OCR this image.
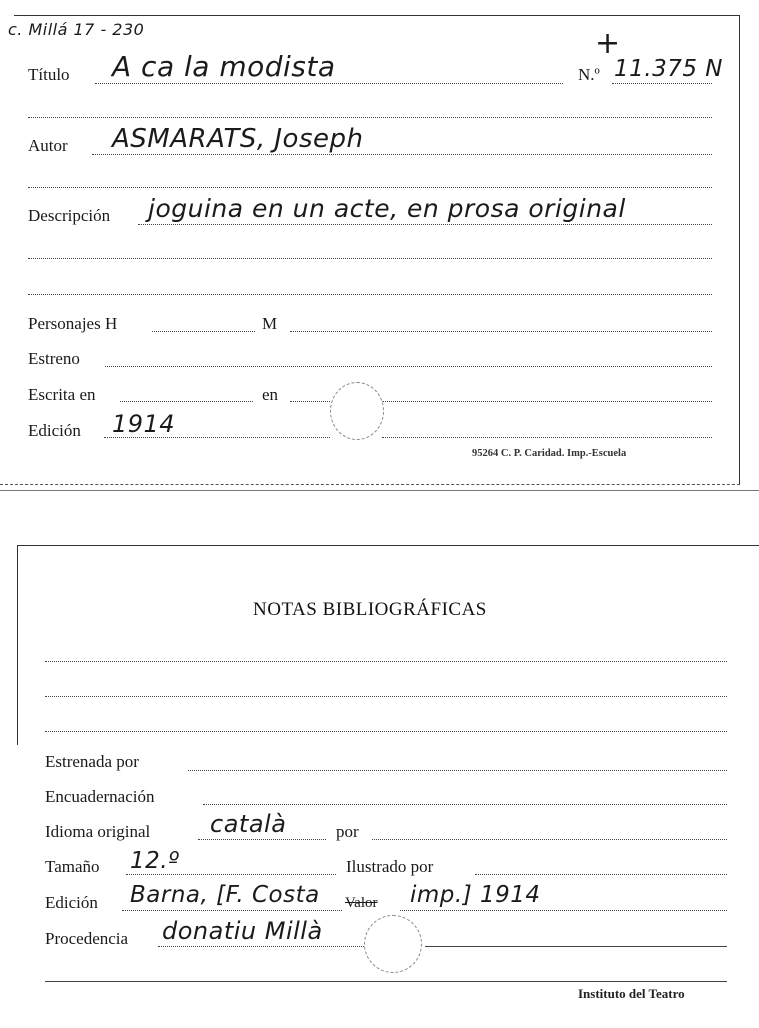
c. Millá 17 - 230	+
Título A ca la modista	N.º 11.375 N
Autor ASMARATS, Joseph
Descripción joguina en un acte, en prosa original
Personajes H	M
Estreno
Escrita en	en
Edición 1914
95264 C. P. Caridad. Imp.-Escuela
NOTAS BIBLIOGRÁFICAS
Estrenada por
Encuadernación
Idioma original català	por
Tamaño 12.º	Ilustrado por
Edición Barna, [F. Costa Valor imp.] 1914
Procedencia donatiu Millà
Instituto del Teatro
